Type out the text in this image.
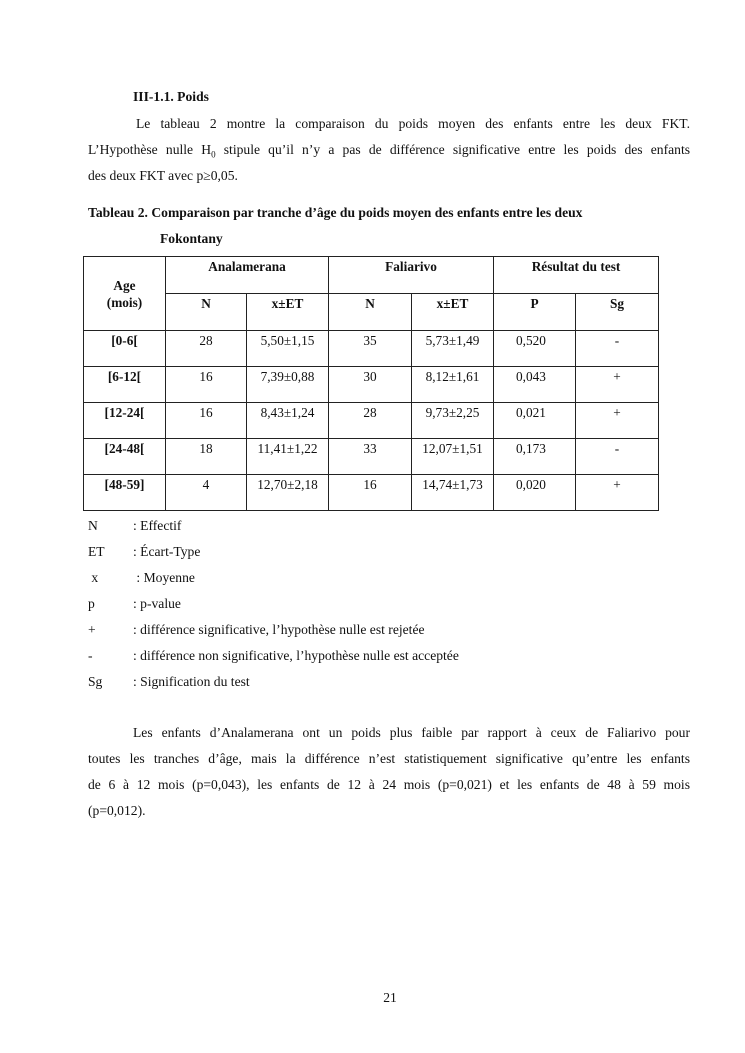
III-1.1. Poids
Le tableau 2 montre la comparaison du poids moyen des enfants entre les deux FKT.
L’Hypothèse nulle $H_0$ stipule qu’il n’y a pas de différence significative entre les poids des enfants
des deux FKT avec p≥0,05.
Tableau 2. Comparaison par tranche d’âge du poids moyen des enfants entre les deux
Fokontany
Age
(mois)	Analamerana		Faliarivo		Résultat du test	
	N	x±ET	N	x±ET	P	Sg
[0-6[	28	5,50±1,15	35	5,73±1,49	0,520	-
[6-12[	16	7,39±0,88	30	8,12±1,61	0,043	+
[12-24[	16	8,43±1,24	28	9,73±2,25	0,021	+
[24-48[	18	11,41±1,22	33	12,07±1,51	0,173	-
[48-59]	4	12,70±2,18	16	14,74±1,73	0,020	+
N	: Effectif
ET : Écart-Type
x	: Moyenne
p	: p-value
+	: différence significative, l’hypothèse nulle est rejetée
-	: différence non significative, l’hypothèse nulle est acceptée
Sg : Signification du test
Les enfants d’Analamerana ont un poids plus faible par rapport à ceux de Faliarivo pour
toutes les tranches d’âge, mais la différence n’est statistiquement significative qu’entre les enfants
de 6 à 12 mois (p=0,043), les enfants de 12 à 24 mois (p=0,021) et les enfants de 48 à 59 mois
(p=0,012).
21
